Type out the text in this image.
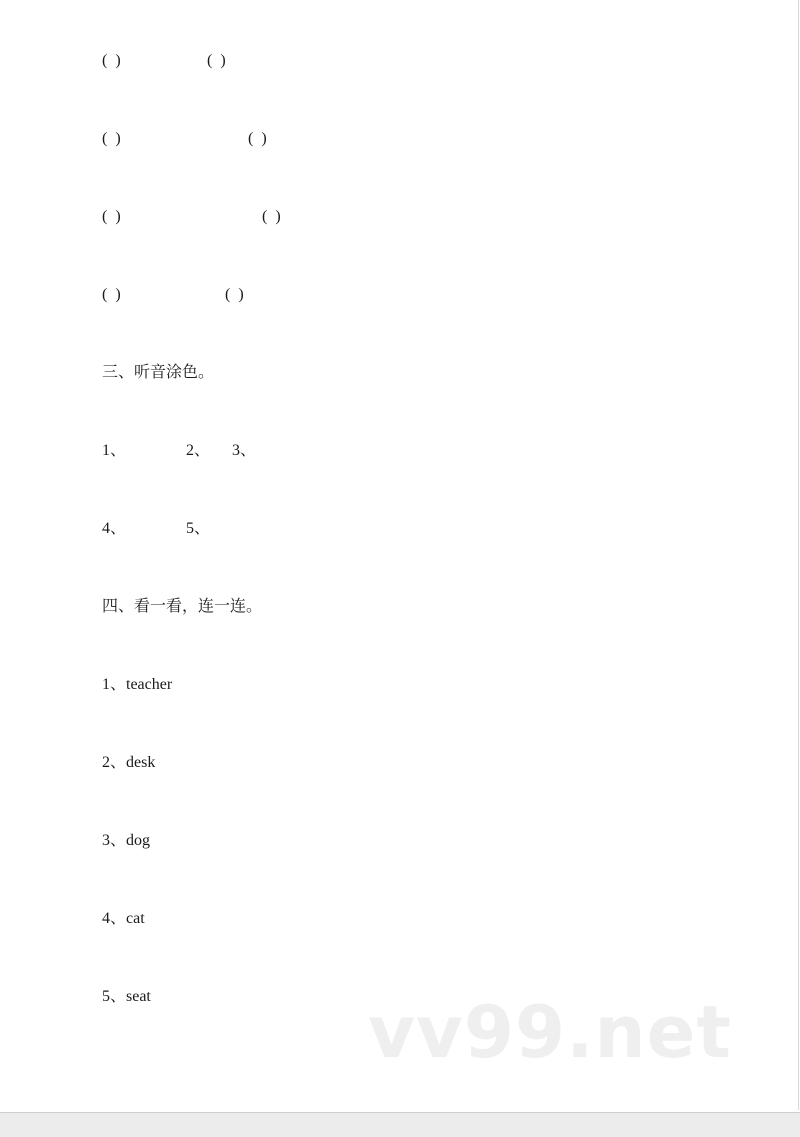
(  )	(  )
(  )	(  )
(  )	(  )
(  )	(  )
三、听音涂色。
1、	2、 3、
4、	5、
四、看一看，连一连。
1、teacher
2、desk
3、dog
4、cat
5、seat	vv99.net
